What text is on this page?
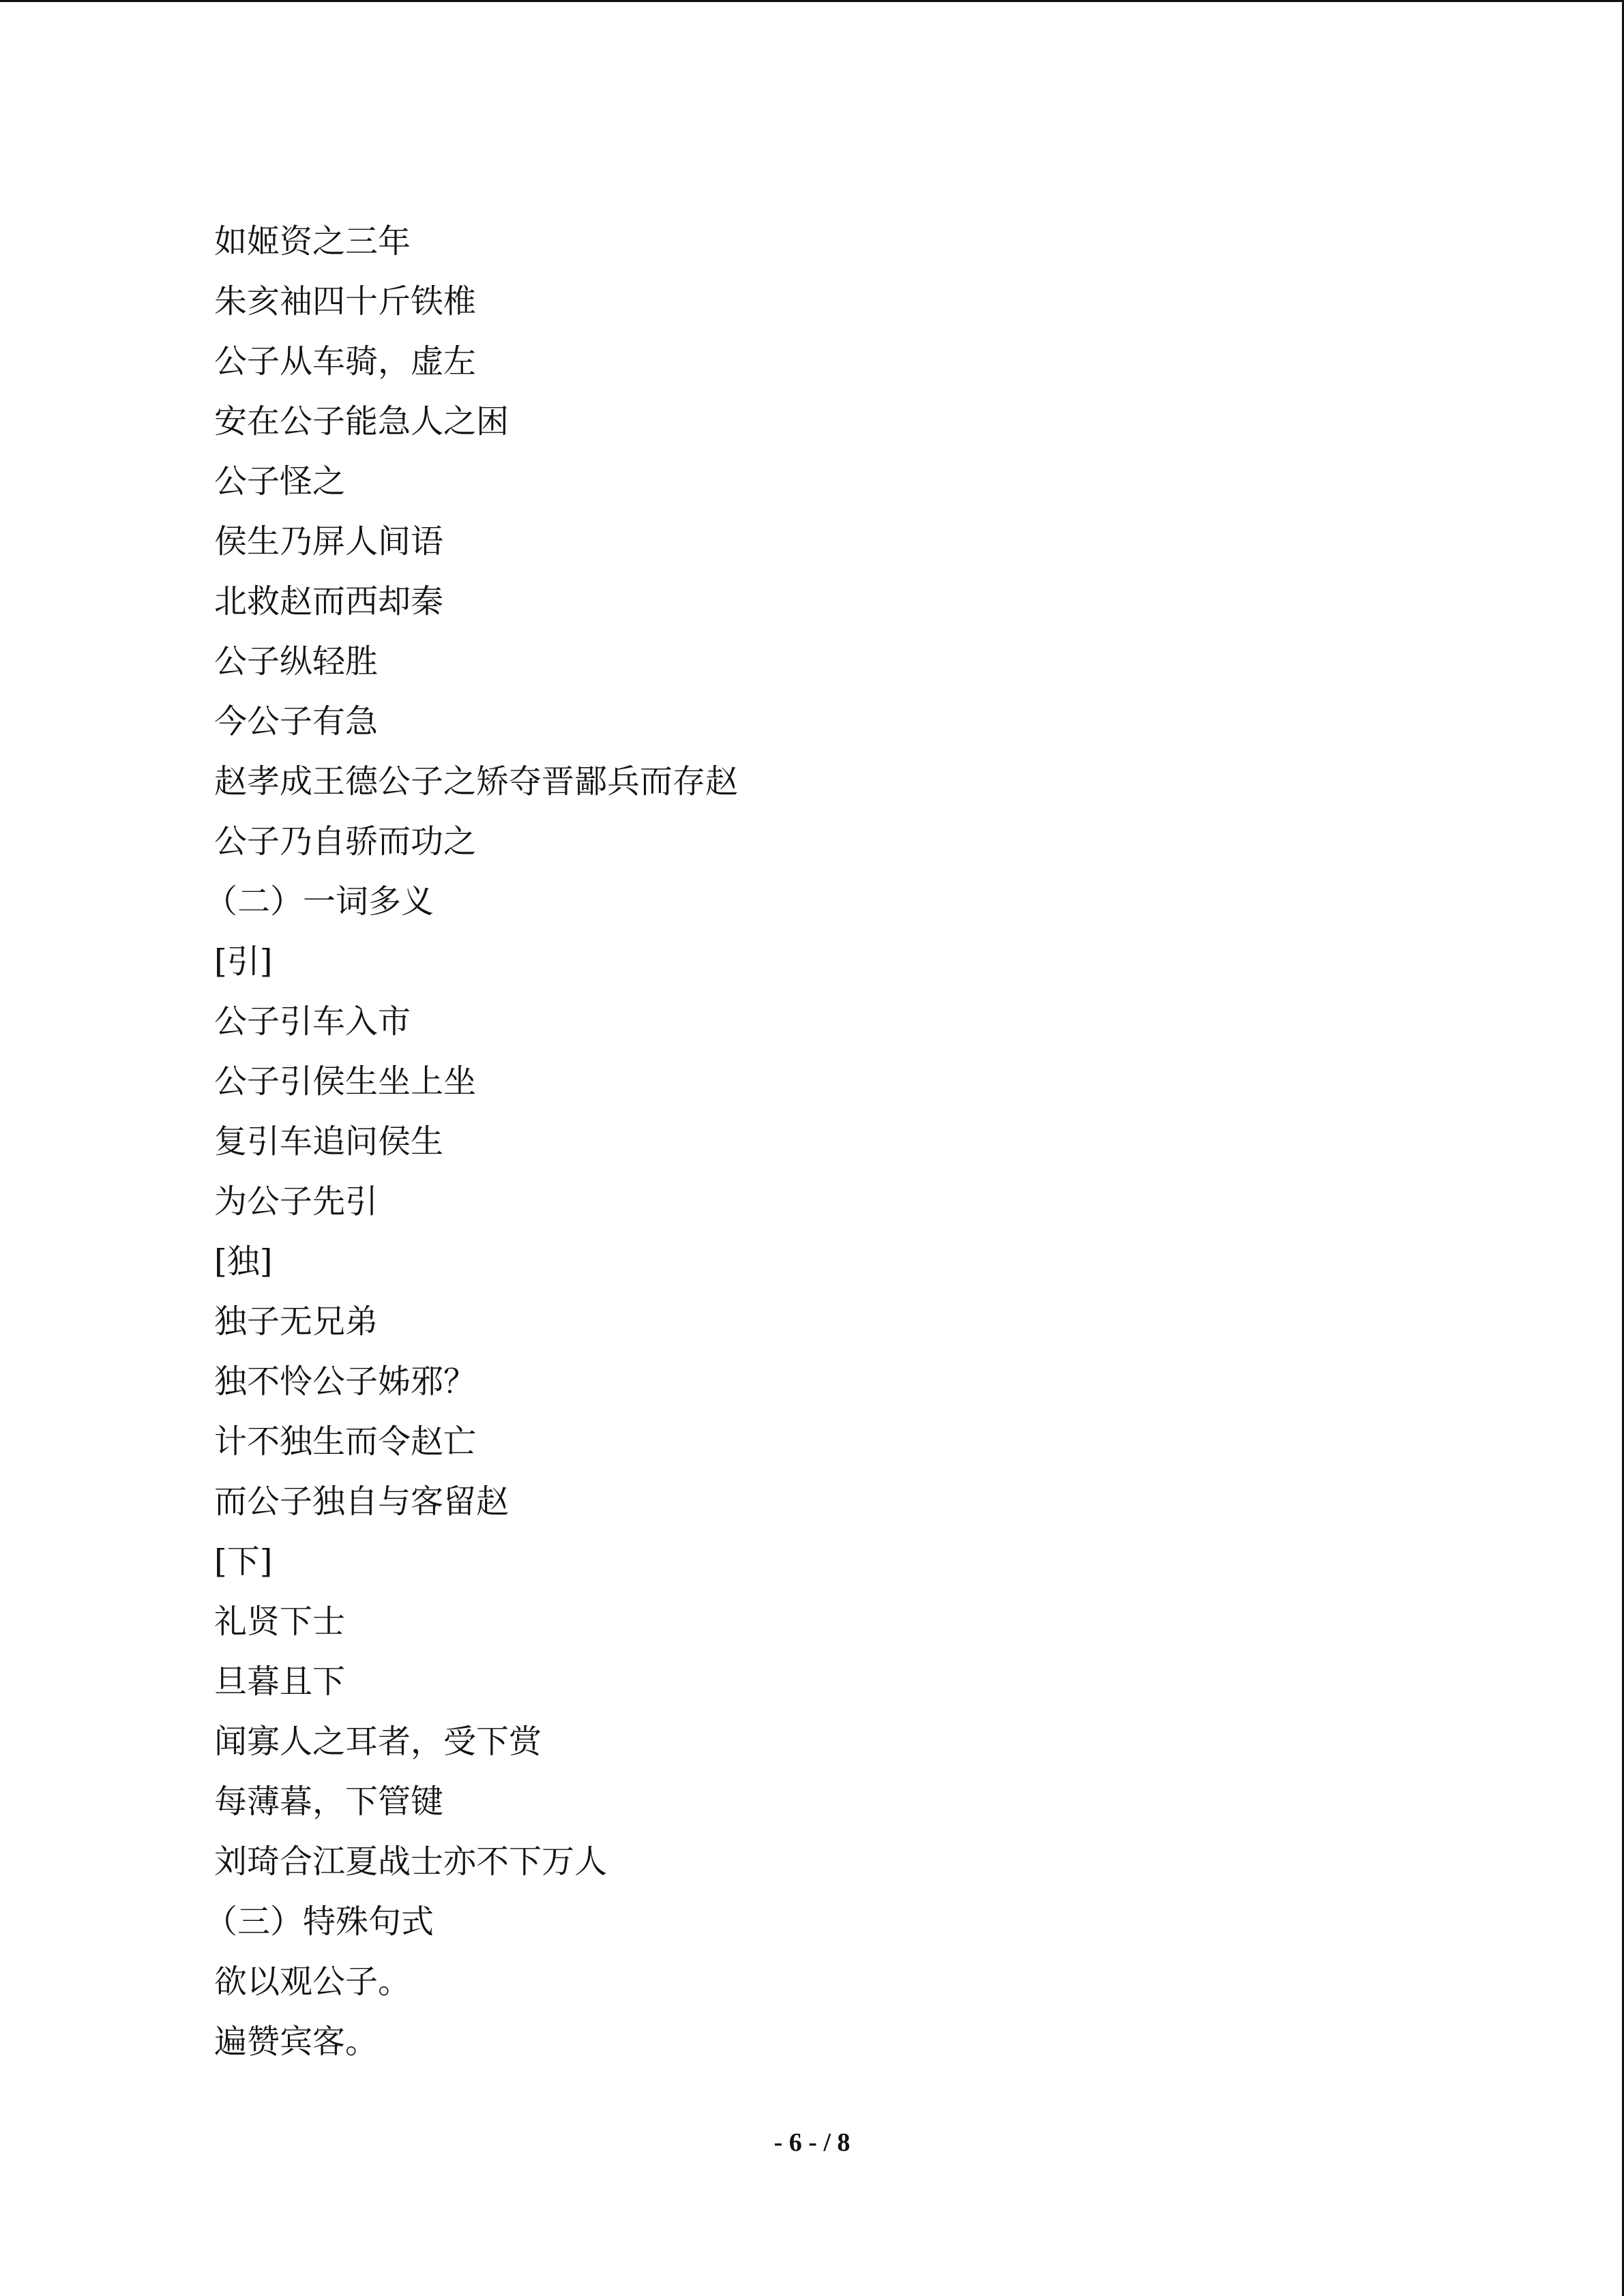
如姬资之三年
朱亥袖四十斤铁椎
公子从车骑，虚左
安在公子能急人之困
公子怪之
侯生乃屏人间语
北救赵而西却秦
公子纵轻胜
今公子有急
赵孝成王德公子之矫夺晋鄙兵而存赵
公子乃自骄而功之
（二）一词多义
[引]
公子引车入市
公子引侯生坐上坐
复引车追问侯生
为公子先引
[独]
独子无兄弟
独不怜公子姊邪？
计不独生而令赵亡
而公子独自与客留赵
[下]
礼贤下士
旦暮且下
闻寡人之耳者，受下赏
每薄暮，下管键
刘琦合江夏战士亦不下万人
（三）特殊句式
欲以观公子。
遍赞宾客。
- 6 - / 8
